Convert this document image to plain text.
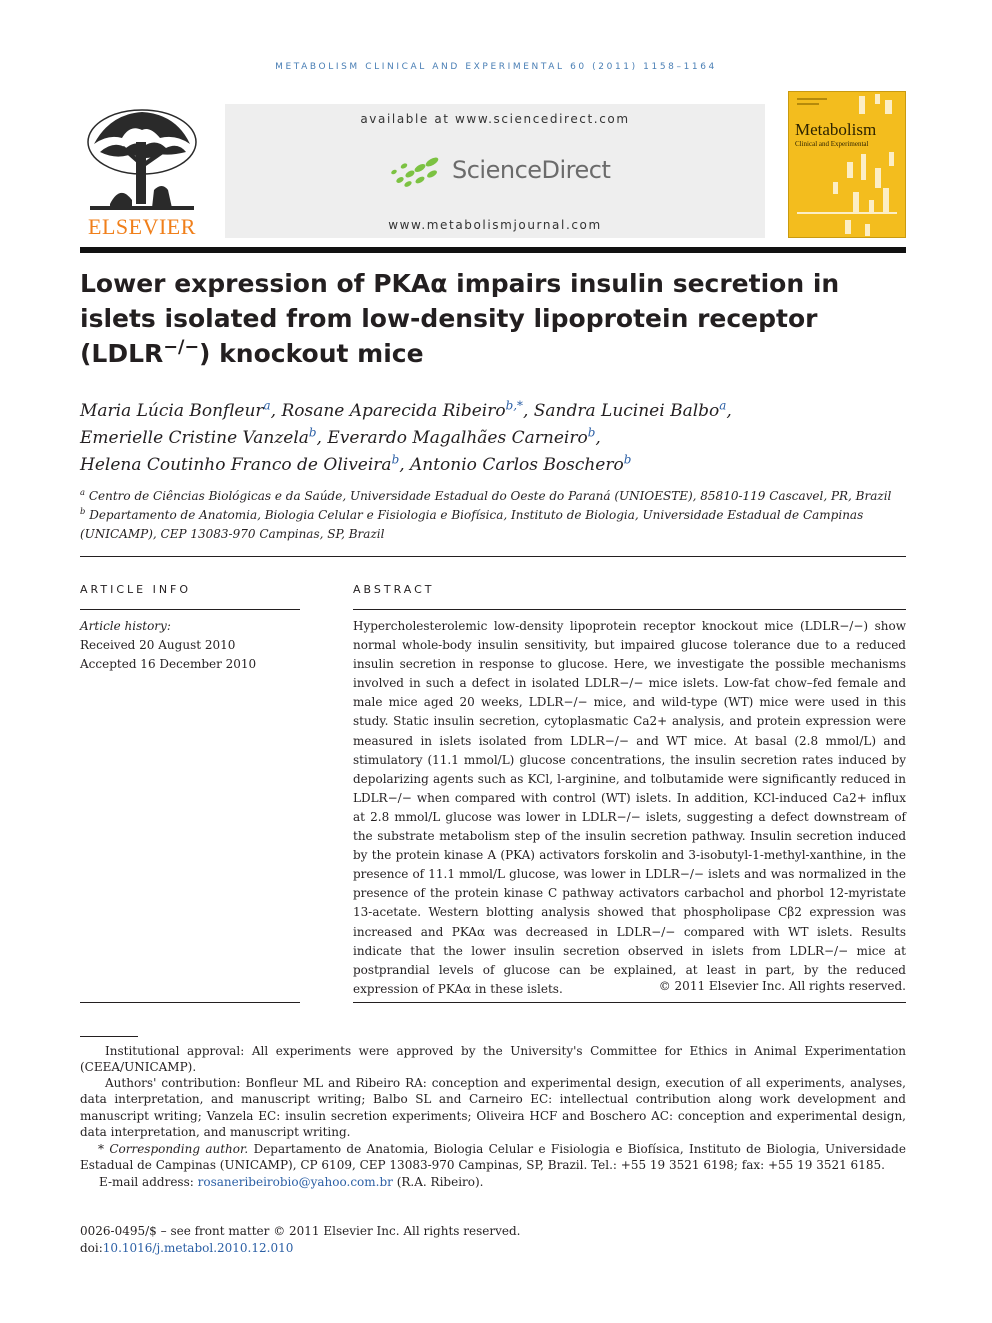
METABOLISM CLINICAL AND EXPERIMENTAL 60 (2011) 1158–1164
ELSEVIER
available at www.sciencedirect.com
ScienceDirect
www.metabolismjournal.com
Metabolism
Clinical and Experimental
Lower expression of PKAα impairs insulin secretion in islets isolated from low-density lipoprotein receptor (LDLR−/−) knockout mice
Maria Lúcia Bonfleur$^a$, Rosane Aparecida Ribeiro$^{b,*}$, Sandra Lucinei Balbo$^a$,
Emerielle Cristine Vanzela$^b$, Everardo Magalhães Carneiro$^b$,
Helena Coutinho Franco de Oliveira$^b$, Antonio Carlos Boschero$^b$
$^a$ Centro de Ciências Biológicas e da Saúde, Universidade Estadual do Oeste do Paraná (UNIOESTE), 85810-119 Cascavel, PR, Brazil
$^b$ Departamento de Anatomia, Biologia Celular e Fisiologia e Biofísica, Instituto de Biologia, Universidade Estadual de Campinas (UNICAMP), CEP 13083-970 Campinas, SP, Brazil
ARTICLE INFO
Article history:
Received 20 August 2010
Accepted 16 December 2010
ABSTRACT
Hypercholesterolemic low-density lipoprotein receptor knockout mice (LDLR−/−) show normal whole-body insulin sensitivity, but impaired glucose tolerance due to a reduced insulin secretion in response to glucose. Here, we investigate the possible mechanisms involved in such a defect in isolated LDLR−/− mice islets. Low-fat chow–fed female and male mice aged 20 weeks, LDLR−/− mice, and wild-type (WT) mice were used in this study. Static insulin secretion, cytoplasmatic Ca2+ analysis, and protein expression were measured in islets isolated from LDLR−/− and WT mice. At basal (2.8 mmol/L) and stimulatory (11.1 mmol/L) glucose concentrations, the insulin secretion rates induced by depolarizing agents such as KCl, l-arginine, and tolbutamide were significantly reduced in LDLR−/− when compared with control (WT) islets. In addition, KCl-induced Ca2+ influx at 2.8 mmol/L glucose was lower in LDLR−/− islets, suggesting a defect downstream of the substrate metabolism step of the insulin secretion pathway. Insulin secretion induced by the protein kinase A (PKA) activators forskolin and 3-isobutyl-1-methyl-xanthine, in the presence of 11.1 mmol/L glucose, was lower in LDLR−/− islets and was normalized in the presence of the protein kinase C pathway activators carbachol and phorbol 12-myristate 13-acetate. Western blotting analysis showed that phospholipase Cβ2 expression was increased and PKAα was decreased in LDLR−/− compared with WT islets. Results indicate that the lower insulin secretion observed in islets from LDLR−/− mice at postprandial levels of glucose can be explained, at least in part, by the reduced expression of PKAα in these islets.	© 2011 Elsevier Inc. All rights reserved.
Institutional approval: All experiments were approved by the University's Committee for Ethics in Animal Experimentation (CEEA/UNICAMP).
Authors' contribution: Bonfleur ML and Ribeiro RA: conception and experimental design, execution of all experiments, analyses, data interpretation, and manuscript writing; Balbo SL and Carneiro EC: intellectual contribution along work development and manuscript writing; Vanzela EC: insulin secretion experiments; Oliveira HCF and Boschero AC: conception and experimental design, data interpretation, and manuscript writing.
* Corresponding author. Departamento de Anatomia, Biologia Celular e Fisiologia e Biofísica, Instituto de Biologia, Universidade Estadual de Campinas (UNICAMP), CP 6109, CEP 13083-970 Campinas, SP, Brazil. Tel.: +55 19 3521 6198; fax: +55 19 3521 6185.
E-mail address: rosaneribeirobio@yahoo.com.br (R.A. Ribeiro).
0026-0495/$ – see front matter © 2011 Elsevier Inc. All rights reserved.
doi:10.1016/j.metabol.2010.12.010
